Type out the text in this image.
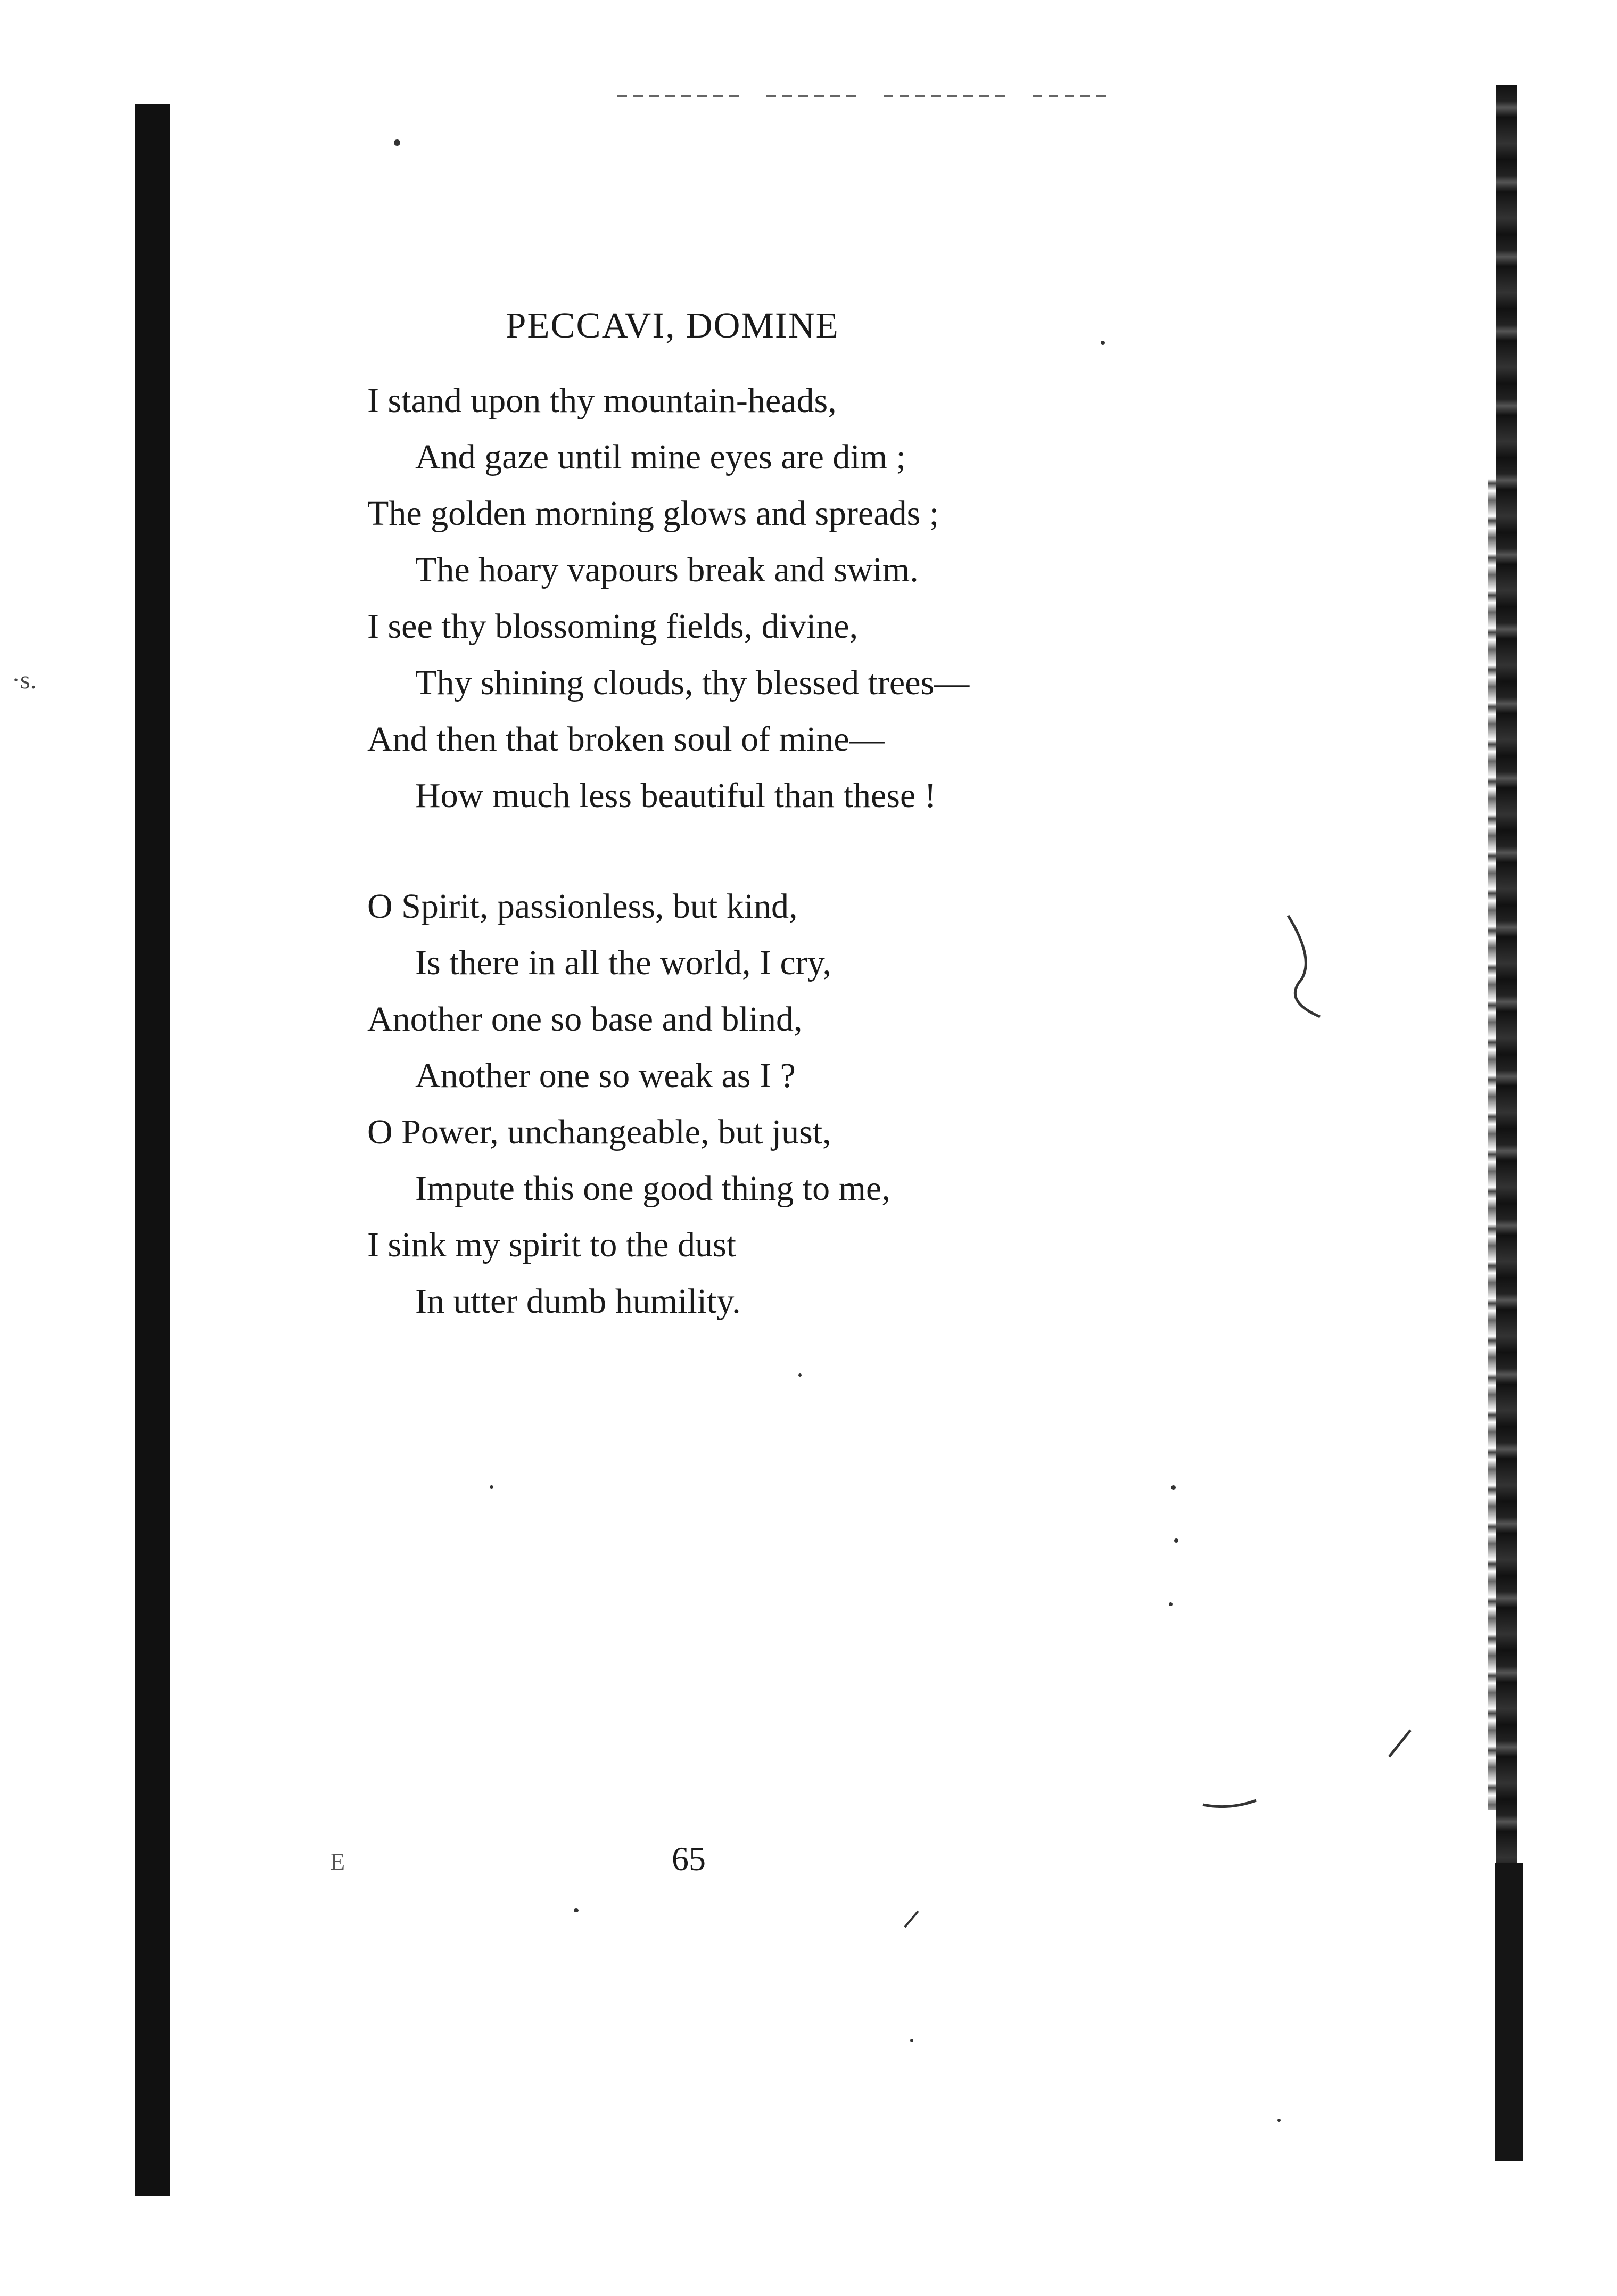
PECCAVI, DOMINE
I stand upon thy mountain-heads,
And gaze until mine eyes are dim ;
The golden morning glows and spreads ;
The hoary vapours break and swim.
I see thy blossoming fields, divine,
Thy shining clouds, thy blessed trees—
And then that broken soul of mine—
How much less beautiful than these !
O Spirit, passionless, but kind,
Is there in all the world, I cry,
Another one so base and blind,
Another one so weak as I ?
O Power, unchangeable, but just,
Impute this one good thing to me,
I sink my spirit to the dust
In utter dumb humility.
65
·s.
E
